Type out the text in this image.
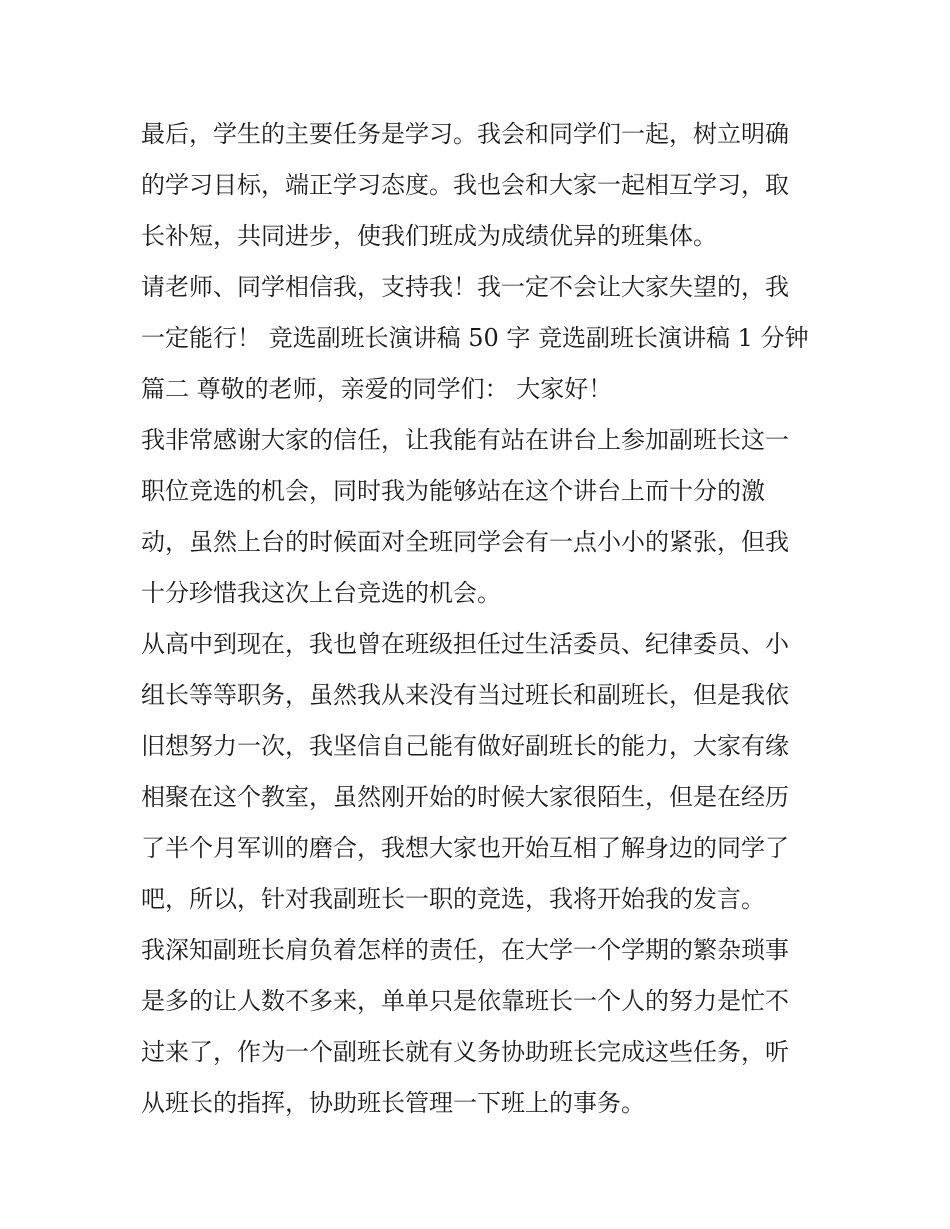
最后，学生的主要任务是学习。我会和同学们一起，树立明确
的学习目标，端正学习态度。我也会和大家一起相互学习，取
长补短，共同进步，使我们班成为成绩优异的班集体。
请老师、同学相信我，支持我！我一定不会让大家失望的，我
一定能行！ 竞选副班长演讲稿 50 字 竞选副班长演讲稿 1 分钟
篇二 尊敬的老师，亲爱的同学们： 大家好！
我非常感谢大家的信任，让我能有站在讲台上参加副班长这一
职位竞选的机会，同时我为能够站在这个讲台上而十分的激
动，虽然上台的时候面对全班同学会有一点小小的紧张，但我
十分珍惜我这次上台竞选的机会。
从高中到现在，我也曾在班级担任过生活委员、纪律委员、小
组长等等职务，虽然我从来没有当过班长和副班长，但是我依
旧想努力一次，我坚信自己能有做好副班长的能力，大家有缘
相聚在这个教室，虽然刚开始的时候大家很陌生，但是在经历
了半个月军训的磨合，我想大家也开始互相了解身边的同学了
吧，所以，针对我副班长一职的竞选，我将开始我的发言。
我深知副班长肩负着怎样的责任，在大学一个学期的繁杂琐事
是多的让人数不多来，单单只是依靠班长一个人的努力是忙不
过来了，作为一个副班长就有义务协助班长完成这些任务，听
从班长的指挥，协助班长管理一下班上的事务。
